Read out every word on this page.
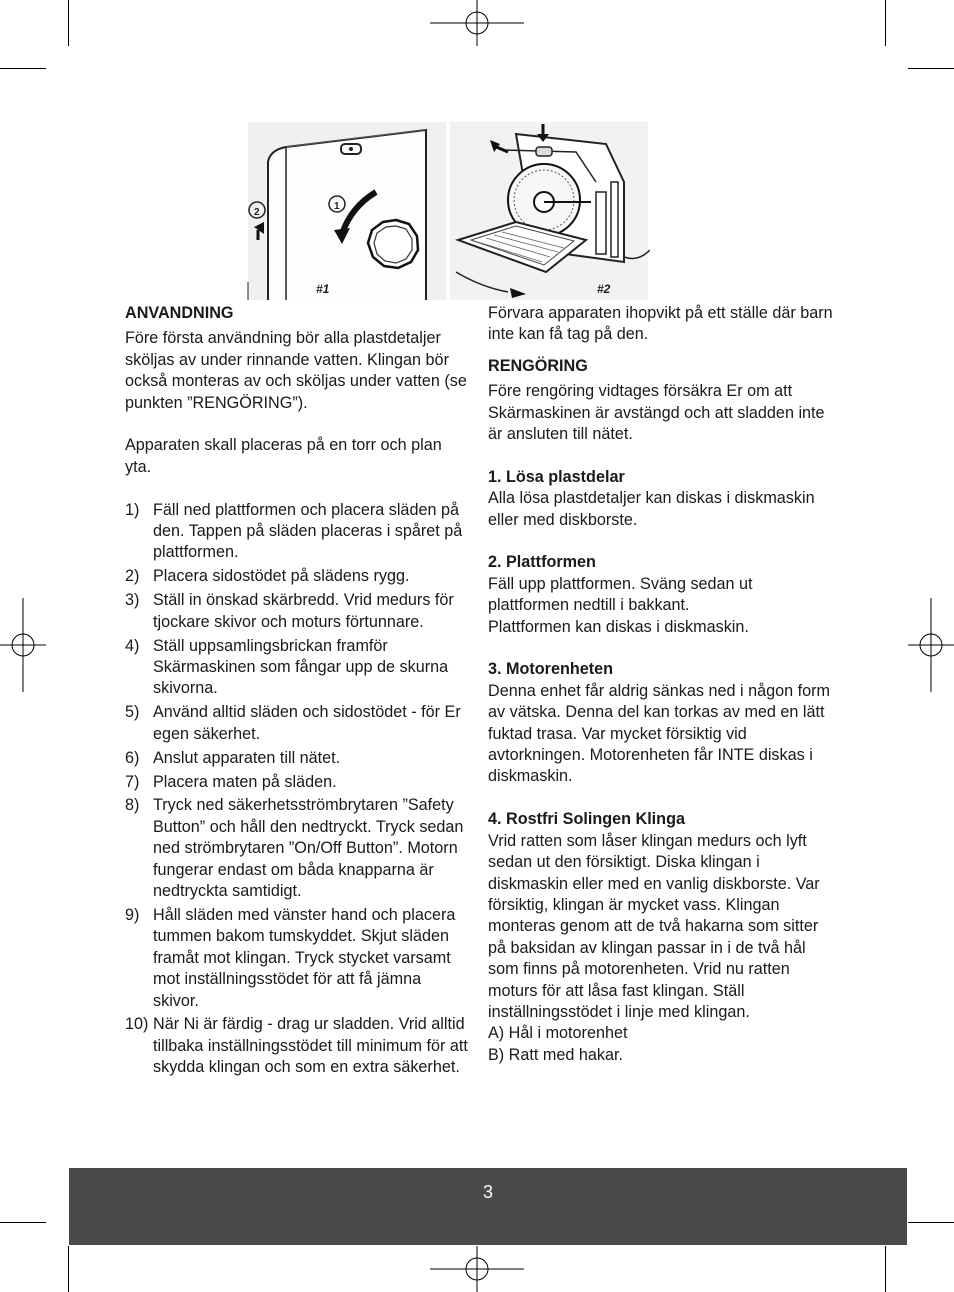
1
2
#1	#2

ANVANDNING

Före första användning bör alla plastdetaljer sköljas av under rinnande vatten. Klingan bör också monteras av och sköljas under vatten (se punkten ”RENGÖRING”).

Apparaten skall placeras på en torr och plan yta.

1) Fäll ned plattformen och placera släden på den. Tappen på släden placeras i spåret på plattformen.
2) Placera sidostödet på slädens rygg.
3) Ställ in önskad skärbredd. Vrid medurs för tjockare skivor och moturs förtunnare.
4) Ställ uppsamlingsbrickan framför Skärmaskinen som fångar upp de skurna skivorna.
5) Använd alltid släden och sidostödet - för Er egen säkerhet.
6) Anslut apparaten till nätet.
7) Placera maten på släden.
8) Tryck ned säkerhetsströmbrytaren ”Safety Button” och håll den nedtryckt. Tryck sedan ned strömbrytaren ”On/Off Button”. Motorn fungerar endast om båda knapparna är nedtryckta samtidigt.
9) Håll släden med vänster hand och placera tummen bakom tumskyddet. Skjut släden framåt mot klingan. Tryck stycket varsamt mot inställningsstödet för att få jämna skivor.
10) När Ni är färdig - drag ur sladden. Vrid alltid tillbaka inställningsstödet till minimum för att skydda klingan och som en extra säkerhet.

Förvara apparaten ihopvikt på ett ställe där barn inte kan få tag på den.

RENGÖRING

Före rengöring vidtages försäkra Er om att Skärmaskinen är avstängd och att sladden inte är ansluten till nätet.

1. Lösa plastdelar

Alla lösa plastdetaljer kan diskas i diskmaskin eller med diskborste.

2. Plattformen

Fäll upp plattformen. Sväng sedan ut plattformen nedtill i bakkant.

Plattformen kan diskas i diskmaskin.

3. Motorenheten

Denna enhet får aldrig sänkas ned i någon form av vätska. Denna del kan torkas av med en lätt fuktad trasa. Var mycket försiktig vid avtorkningen. Motorenheten får INTE diskas i diskmaskin.

4. Rostfri Solingen Klinga

Vrid ratten som låser klingan medurs och lyft sedan ut den försiktigt. Diska klingan i diskmaskin eller med en vanlig diskborste. Var försiktig, klingan är mycket vass. Klingan monteras genom att de två hakarna som sitter på baksidan av klingan passar in i de två hål som finns på motorenheten. Vrid nu ratten moturs för att låsa fast klingan. Ställ inställningsstödet i linje med klingan.

A) Hål i motorenhet

B) Ratt med hakar.

3
